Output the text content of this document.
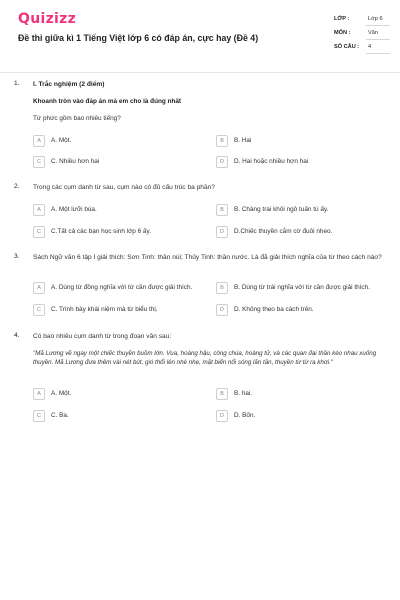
Quizizz
Đề thi giữa kì 1 Tiếng Việt lớp 6 có đáp án, cực hay (Đề 4)
LỚP :	Lớp 6
MÔN :	Văn
SỐ CÂU :	4
1. I. Trắc nghiệm (2 điểm)
Khoanh tròn vào đáp án mà em cho là đúng nhất
Từ phức gồm bao nhiêu tiếng?
A	A. Một.	B	B. Hai
C	C. Nhiều hơn hai	D	D. Hai hoặc nhiều hơn hai
2. Trong các cụm danh từ sau, cụm nào có đủ cấu trúc ba phần?
A	A. Một lưỡi búa.	B	B. Chàng trai khôi ngô tuấn tú ấy.
C	C.Tất cả các bạn học sinh lớp 6 ấy.	D	D.Chiếc thuyền cắm cờ đuôi nheo.
3. Sách Ngữ văn 6 tập I giải thích: Sơn Tinh: thần núi; Thủy Tinh: thần nước. Là đã giải thích nghĩa của từ theo cách nào?
A	A. Dùng từ đồng nghĩa với từ cần được giải thích.	B	B. Dùng từ trái nghĩa với từ cần được giải thích.
C	C. Trình bày khái niệm mà từ biểu thị.	D	D. Không theo ba cách trên.
4. Có bao nhiêu cụm danh từ trong đoạn văn sau:
"Mã Lương vẽ ngay một chiếc thuyền buồm lớn. Vua, hoàng hậu, công chúa, hoàng tử, và các quan đại thần kéo nhau xuống thuyền. Mã Lương đưa thêm vài nét bút, gió thổi lên nhè nhẹ, mặt biển nổi sóng lăn tăn, thuyền từ từ ra khơi."
A	A. Một.	B	B. hai.
C	C. Ba.	D	D. Bốn.
